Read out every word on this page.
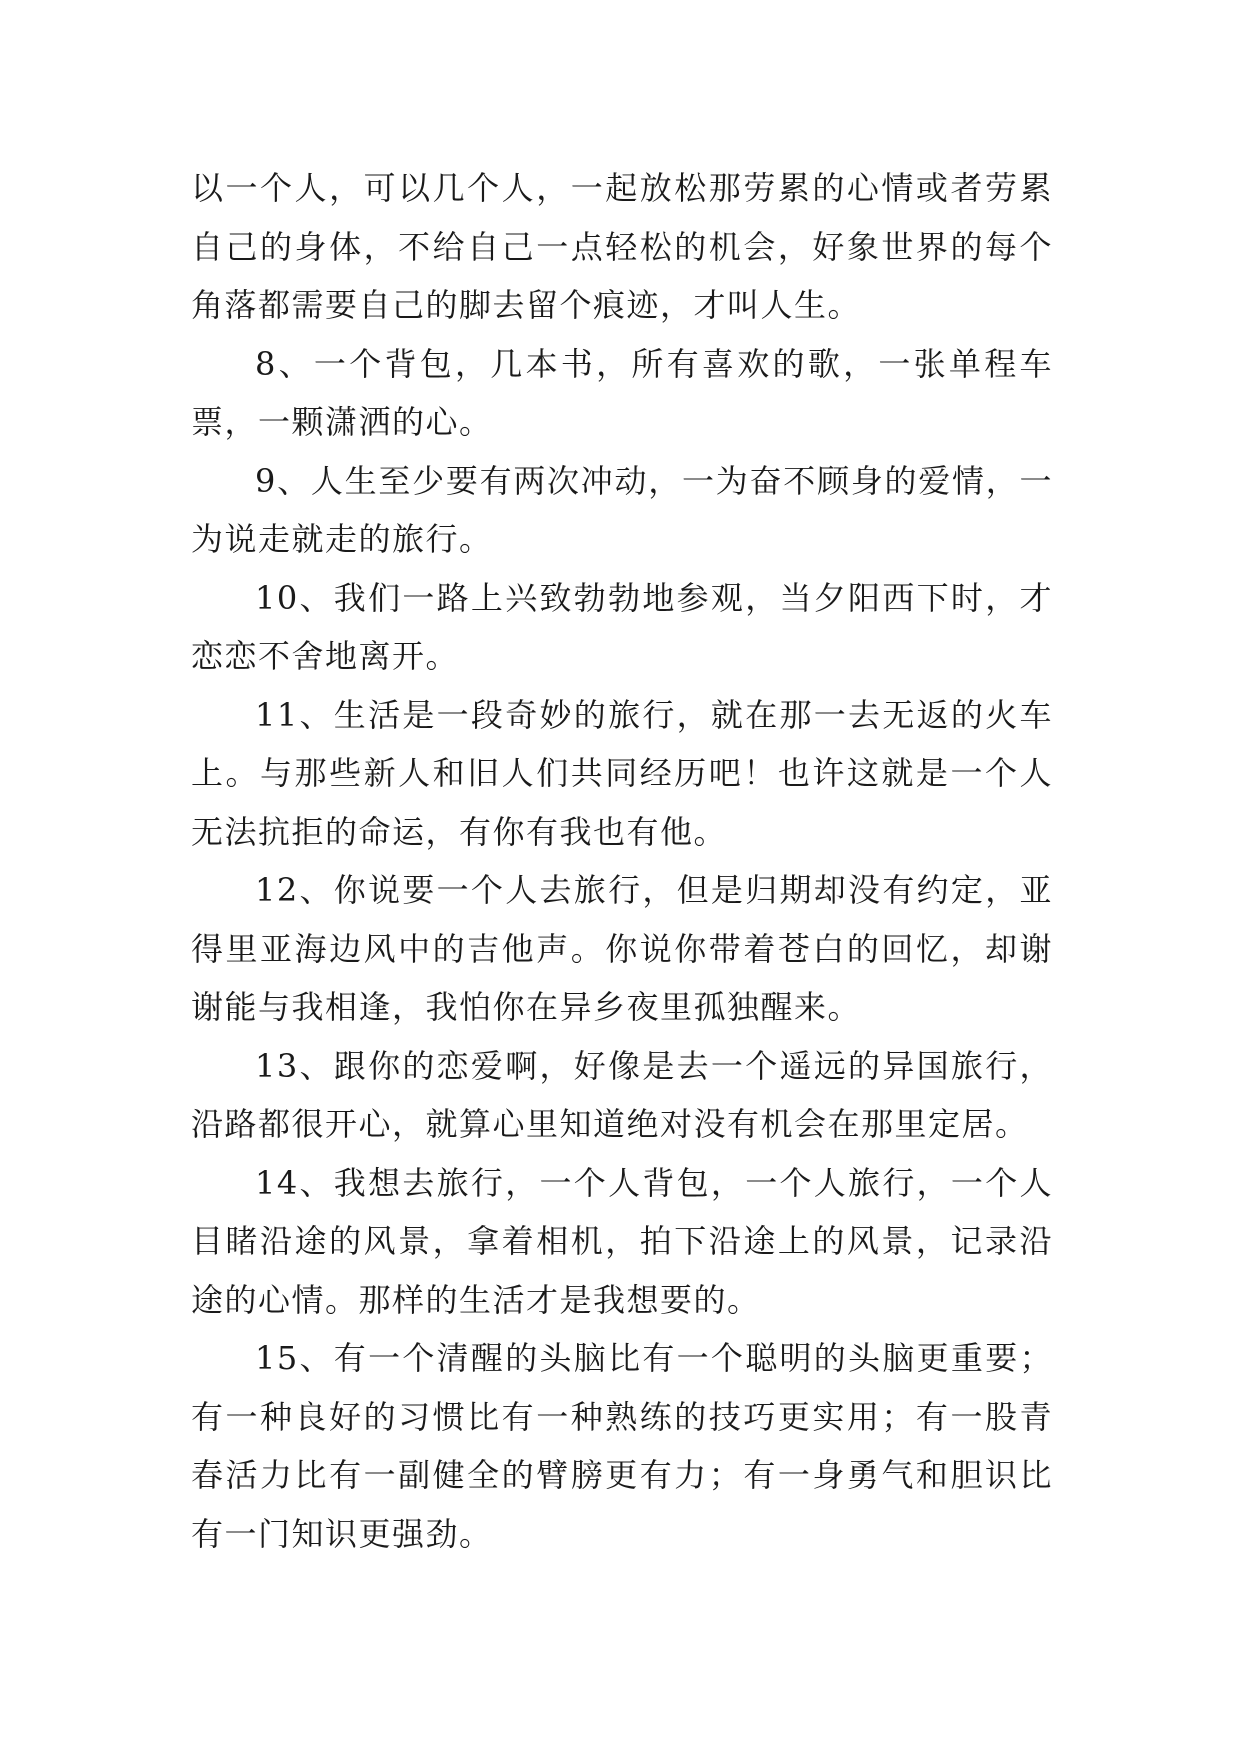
以一个人，可以几个人，一起放松那劳累的心情或者劳累自己的身体，不给自己一点轻松的机会，好象世界的每个角落都需要自己的脚去留个痕迹，才叫人生。

8、一个背包，几本书，所有喜欢的歌，一张单程车票，一颗潇洒的心。

9、人生至少要有两次冲动，一为奋不顾身的爱情，一为说走就走的旅行。

10、我们一路上兴致勃勃地参观，当夕阳西下时，才恋恋不舍地离开。

11、生活是一段奇妙的旅行，就在那一去无返的火车上。与那些新人和旧人们共同经历吧！也许这就是一个人无法抗拒的命运，有你有我也有他。

12、你说要一个人去旅行，但是归期却没有约定，亚得里亚海边风中的吉他声。你说你带着苍白的回忆，却谢谢能与我相逢，我怕你在异乡夜里孤独醒来。

13、跟你的恋爱啊，好像是去一个遥远的异国旅行，沿路都很开心，就算心里知道绝对没有机会在那里定居。

14、我想去旅行，一个人背包，一个人旅行，一个人目睹沿途的风景，拿着相机，拍下沿途上的风景，记录沿途的心情。那样的生活才是我想要的。

15、有一个清醒的头脑比有一个聪明的头脑更重要；有一种良好的习惯比有一种熟练的技巧更实用；有一股青春活力比有一副健全的臂膀更有力；有一身勇气和胆识比有一门知识更强劲。
